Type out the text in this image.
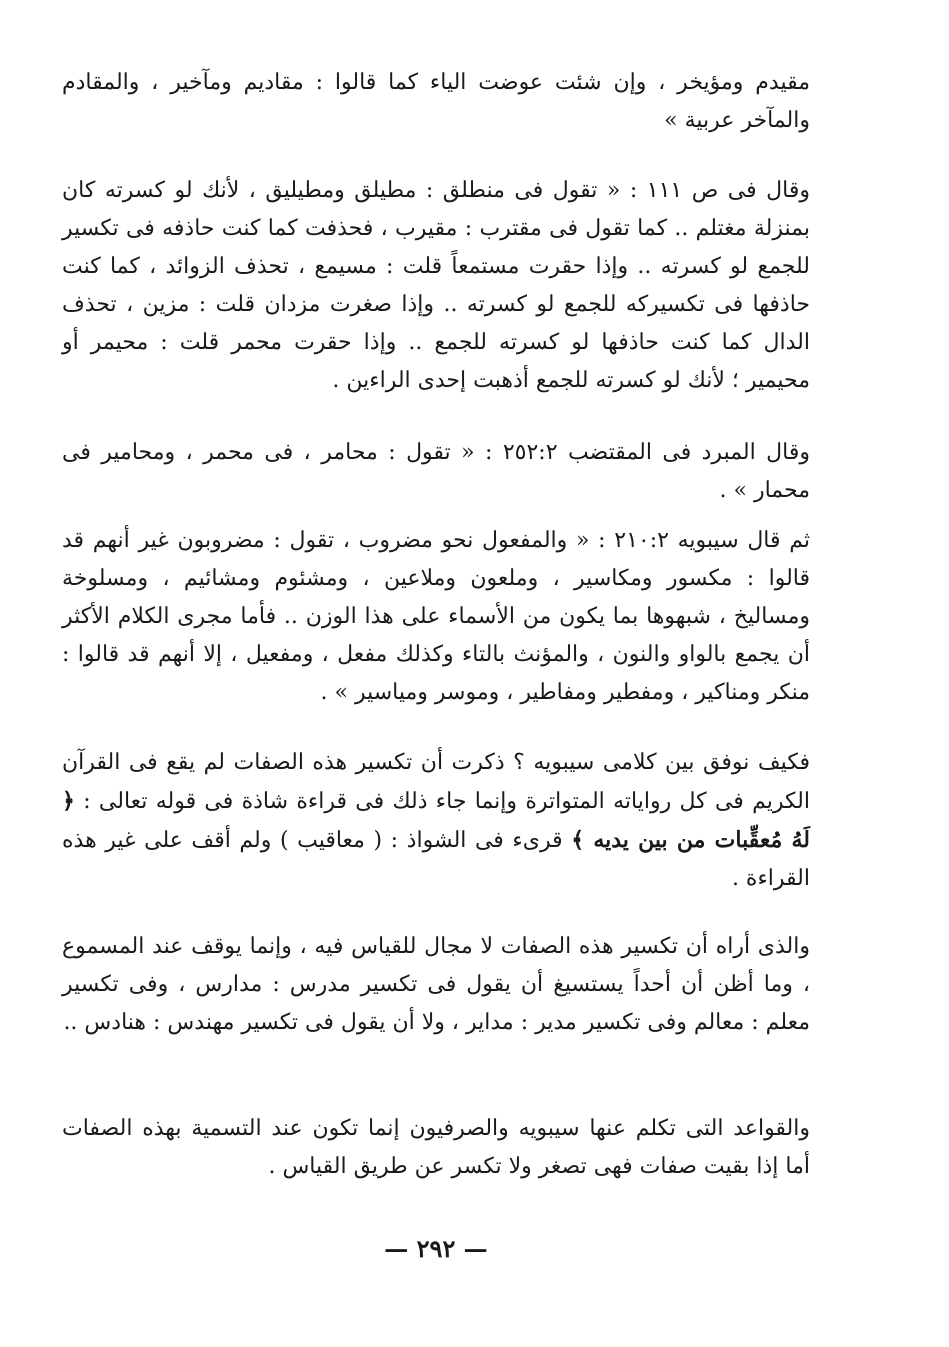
مقيدم ومؤيخر ، وإن شئت عوضت الياء كما قالوا : مقاديم ومآخير ، والمقادم والمآخر عربية »

وقال فى ص ١١١ : « تقول فى منطلق : مطيلق ومطيليق ، لأنك لو كسرته كان بمنزلة مغتلم .. كما تقول فى مقترب : مقيرب ، فحذفت كما كنت حاذفه فى تكسير للجمع لو كسرته .. وإذا حقرت مستمعاً قلت : مسيمع ، تحذف الزوائد ، كما كنت حاذفها فى تكسيركه للجمع لو كسرته .. وإذا صغرت مزدان قلت : مزين ، تحذف الدال كما كنت حاذفها لو كسرته للجمع .. وإذا حقرت محمر قلت : محيمر أو محيمير ؛ لأنك لو كسرته للجمع أذهبت إحدى الراءين .

وقال المبرد فى المقتضب ٢٥٢:٢ : « تقول : محامر ، فى محمر ، ومحامير فى محمار » .

ثم قال سيبويه ٢١٠:٢ : « والمفعول نحو مضروب ، تقول : مضروبون غير أنهم قد قالوا : مكسور ومكاسير ، وملعون وملاعين ، ومشئوم ومشائيم ، ومسلوخة ومساليخ ، شبهوها بما يكون من الأسماء على هذا الوزن .. فأما مجرى الكلام الأكثر أن يجمع بالواو والنون ، والمؤنث بالتاء وكذلك مفعل ، ومفعيل ، إلا أنهم قد قالوا : منكر ومناكير ، ومفطير ومفاطير ، وموسر ومياسير » .

فكيف نوفق بين كلامى سيبويه ؟ ذكرت أن تكسير هذه الصفات لم يقع فى القرآن الكريم فى كل رواياته المتواترة وإنما جاء ذلك فى قراءة شاذة فى قوله تعالى : ﴿ لَهُ مُعقِّبات من بين يديه ﴾ قرىء فى الشواذ : ( معاقيب ) ولم أقف على غير هذه القراءة .

والذى أراه أن تكسير هذه الصفات لا مجال للقياس فيه ، وإنما يوقف عند المسموع ، وما أظن أن أحداً يستسيغ أن يقول فى تكسير مدرس : مدارس ، وفى تكسير معلم : معالم وفى تكسير مدير : مداير ، ولا أن يقول فى تكسير مهندس : هنادس ..

والقواعد التى تكلم عنها سيبويه والصرفيون إنما تكون عند التسمية بهذه الصفات أما إذا بقيت صفات فهى تصغر ولا تكسر عن طريق القياس .

— ٢٩٢ —
